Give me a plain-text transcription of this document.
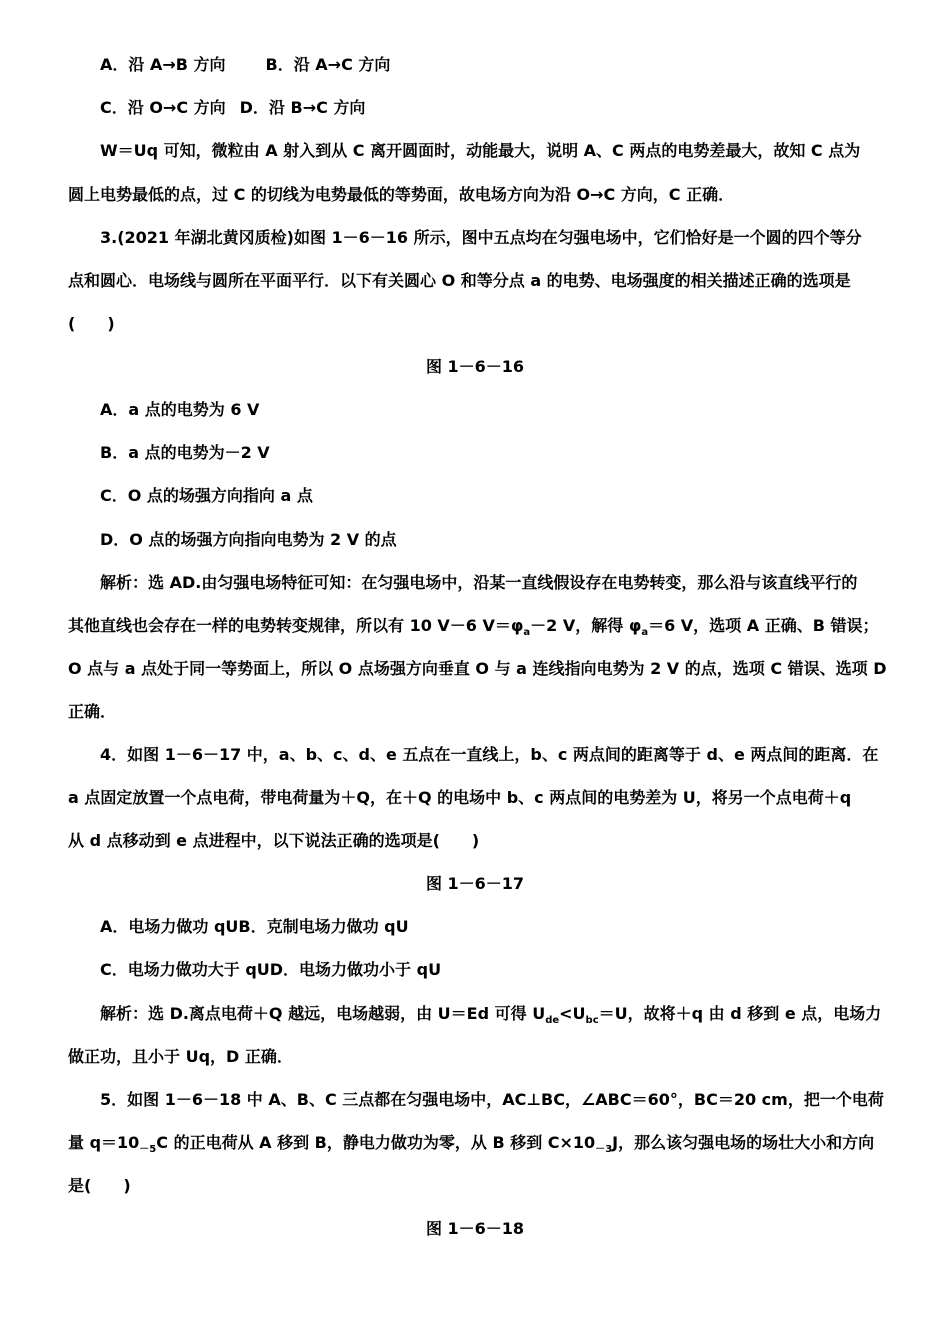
A．沿 A→B 方向	B．沿 A→C 方向
C．沿 O→C 方向 D．沿 B→C 方向
W＝Uq 可知，微粒由 A 射入到从 C 离开圆面时，动能最大，说明 A、C 两点的电势差最大，故知 C 点为
圆上电势最低的点，过 C 的切线为电势最低的等势面，故电场方向为沿 O→C 方向，C 正确．
3.(2021 年湖北黄冈质检)如图 1－6－16 所示，图中五点均在匀强电场中，它们恰好是一个圆的四个等分
点和圆心．电场线与圆所在平面平行．以下有关圆心 O 和等分点 a 的电势、电场强度的相关描述正确的选项是
(　　)
图 1－6－16
A．a 点的电势为 6 V
B．a 点的电势为－2 V
C．O 点的场强方向指向 a 点
D．O 点的场强方向指向电势为 2 V 的点
解析：选 AD.由匀强电场特征可知：在匀强电场中，沿某一直线假设存在电势转变，那么沿与该直线平行的
其他直线也会存在一样的电势转变规律，所以有 10 V－6 $V=\varphi_a-2$ V，解得 $\varphi_a=6$ V，选项 A 正确、B 错误；
O 点与 a 点处于同一等势面上，所以 O 点场强方向垂直 O 与 a 连线指向电势为 2 V 的点，选项 C 错误、选项 D
正确．
4．如图 1－6－17 中，a、b、c、d、e 五点在一直线上，b、c 两点间的距离等于 d、e 两点间的距离．在
a 点固定放置一个点电荷，带电荷量为＋Q，在＋Q 的电场中 b、c 两点间的电势差为 U，将另一个点电荷＋q
从 d 点移动到 e 点进程中，以下说法正确的选项是(　　)
图 1－6－17
A．电场力做功 qUB．克制电场力做功 qU
C．电场力做功大于 qUD．电场力做功小于 qU
解析：选 D.离点电荷＋Q 越远，电场越弱，由 U＝Ed 可得 $U_{de}<U_{bc}=U$，故将＋q 由 d 移到 e 点，电场力
做正功，且小于 Uq，D 正确．
5．如图 1－6－18 中 A、B、C 三点都在匀强电场中，AC⊥BC，∠ABC＝60°，BC＝20 cm，把一个电荷
量 $q=10_{-5}C$ 的正电荷从 A 移到 B，静电力做功为零，从 B 移到 $C\times 10_{-3}J$，那么该匀强电场的场壮大小和方向
是(　　)
图 1－6－18
